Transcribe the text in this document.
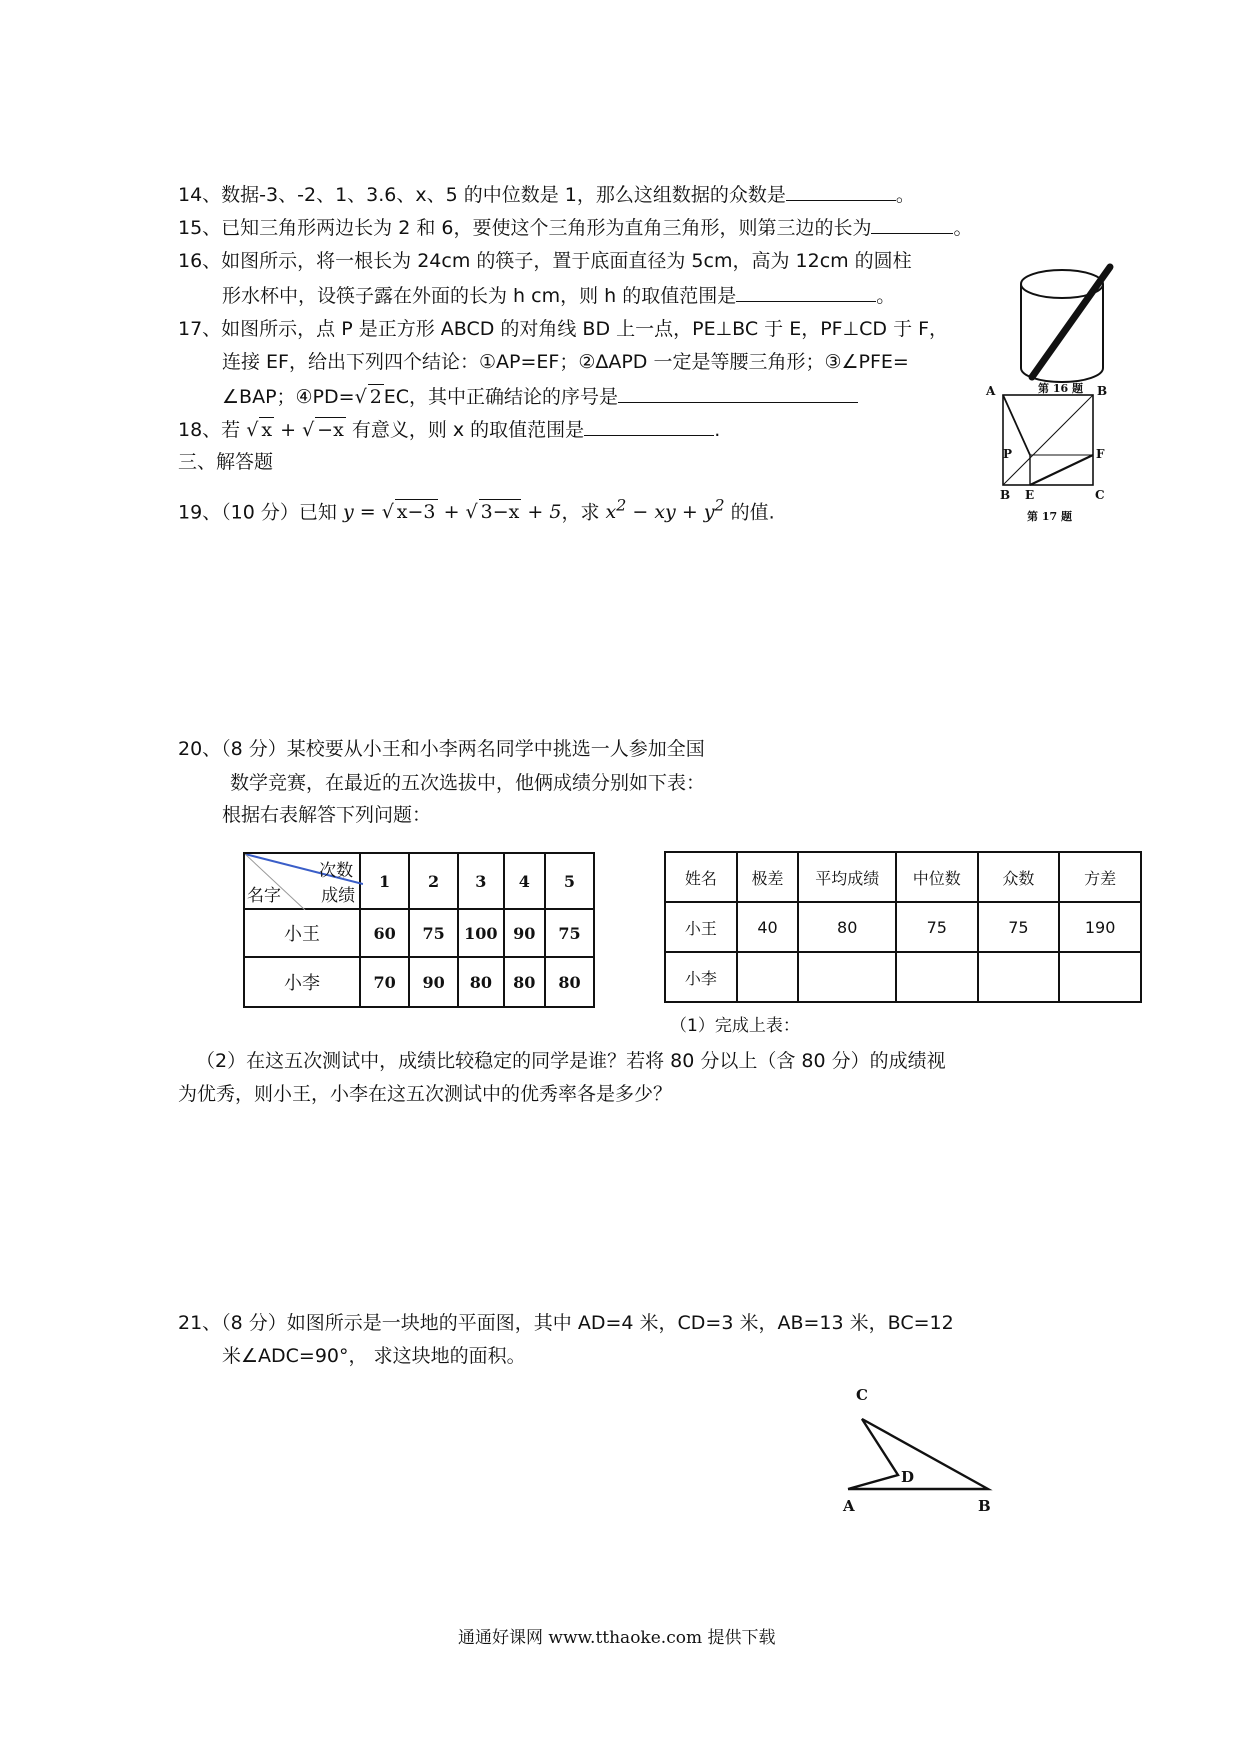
14、数据-3、-2、1、3.6、x、5 的中位数是 1，那么这组数据的众数是	。
15、已知三角形两边长为 2 和 6，要使这个三角形为直角三角形，则第三边的长为	。
16、如图所示，将一根长为 24cm 的筷子，置于底面直径为 5cm，高为 12cm 的圆柱
形水杯中，设筷子露在外面的长为 h cm，则 h 的取值范围是	。
17、如图所示，点 P 是正方形 ABCD 的对角线 BD 上一点，PE⊥BC 于 E，PF⊥CD 于 F，
连接 EF，给出下列四个结论：①AP=EF；②ΔAPD 一定是等腰三角形；③∠PFE=
∠BAP；④PD=√ 2 EC，其中正确结论的序号是
18、若 √ x + √ −x 有意义，则 x 的取值范围是	.
三、解答题
19、（10 分）已知 y = √ x−3 + √ 3−x + 5，求 $x^2$ − xy + $y^2$ 的值.
第 16 题
A	B
P	F
B E	C
第 17 题
20、（8 分）某校要从小王和小李两名同学中挑选一人参加全国
数学竞赛，在最近的五次选拔中，他俩成绩分别如下表：
根据右表解答下列问题：
次数
名字 成绩	1	2	3	4	5
小王	60	75	100	90	75
小李	70	90	80	80	80
姓名	极差	平均成绩	中位数	众数	方差
小王	40	80	75	75	190
小李					
（1）完成上表：
（2）在这五次测试中，成绩比较稳定的同学是谁？若将 80 分以上（含 80 分）的成绩视
为优秀，则小王，小李在这五次测试中的优秀率各是多少？
21、（8 分）如图所示是一块地的平面图，其中 AD=4 米，CD=3 米，AB=13 米，BC=12
米∠ADC=90°， 求这块地的面积。
C
D
A	B
通通好课网 www.tthaoke.com 提供下载
